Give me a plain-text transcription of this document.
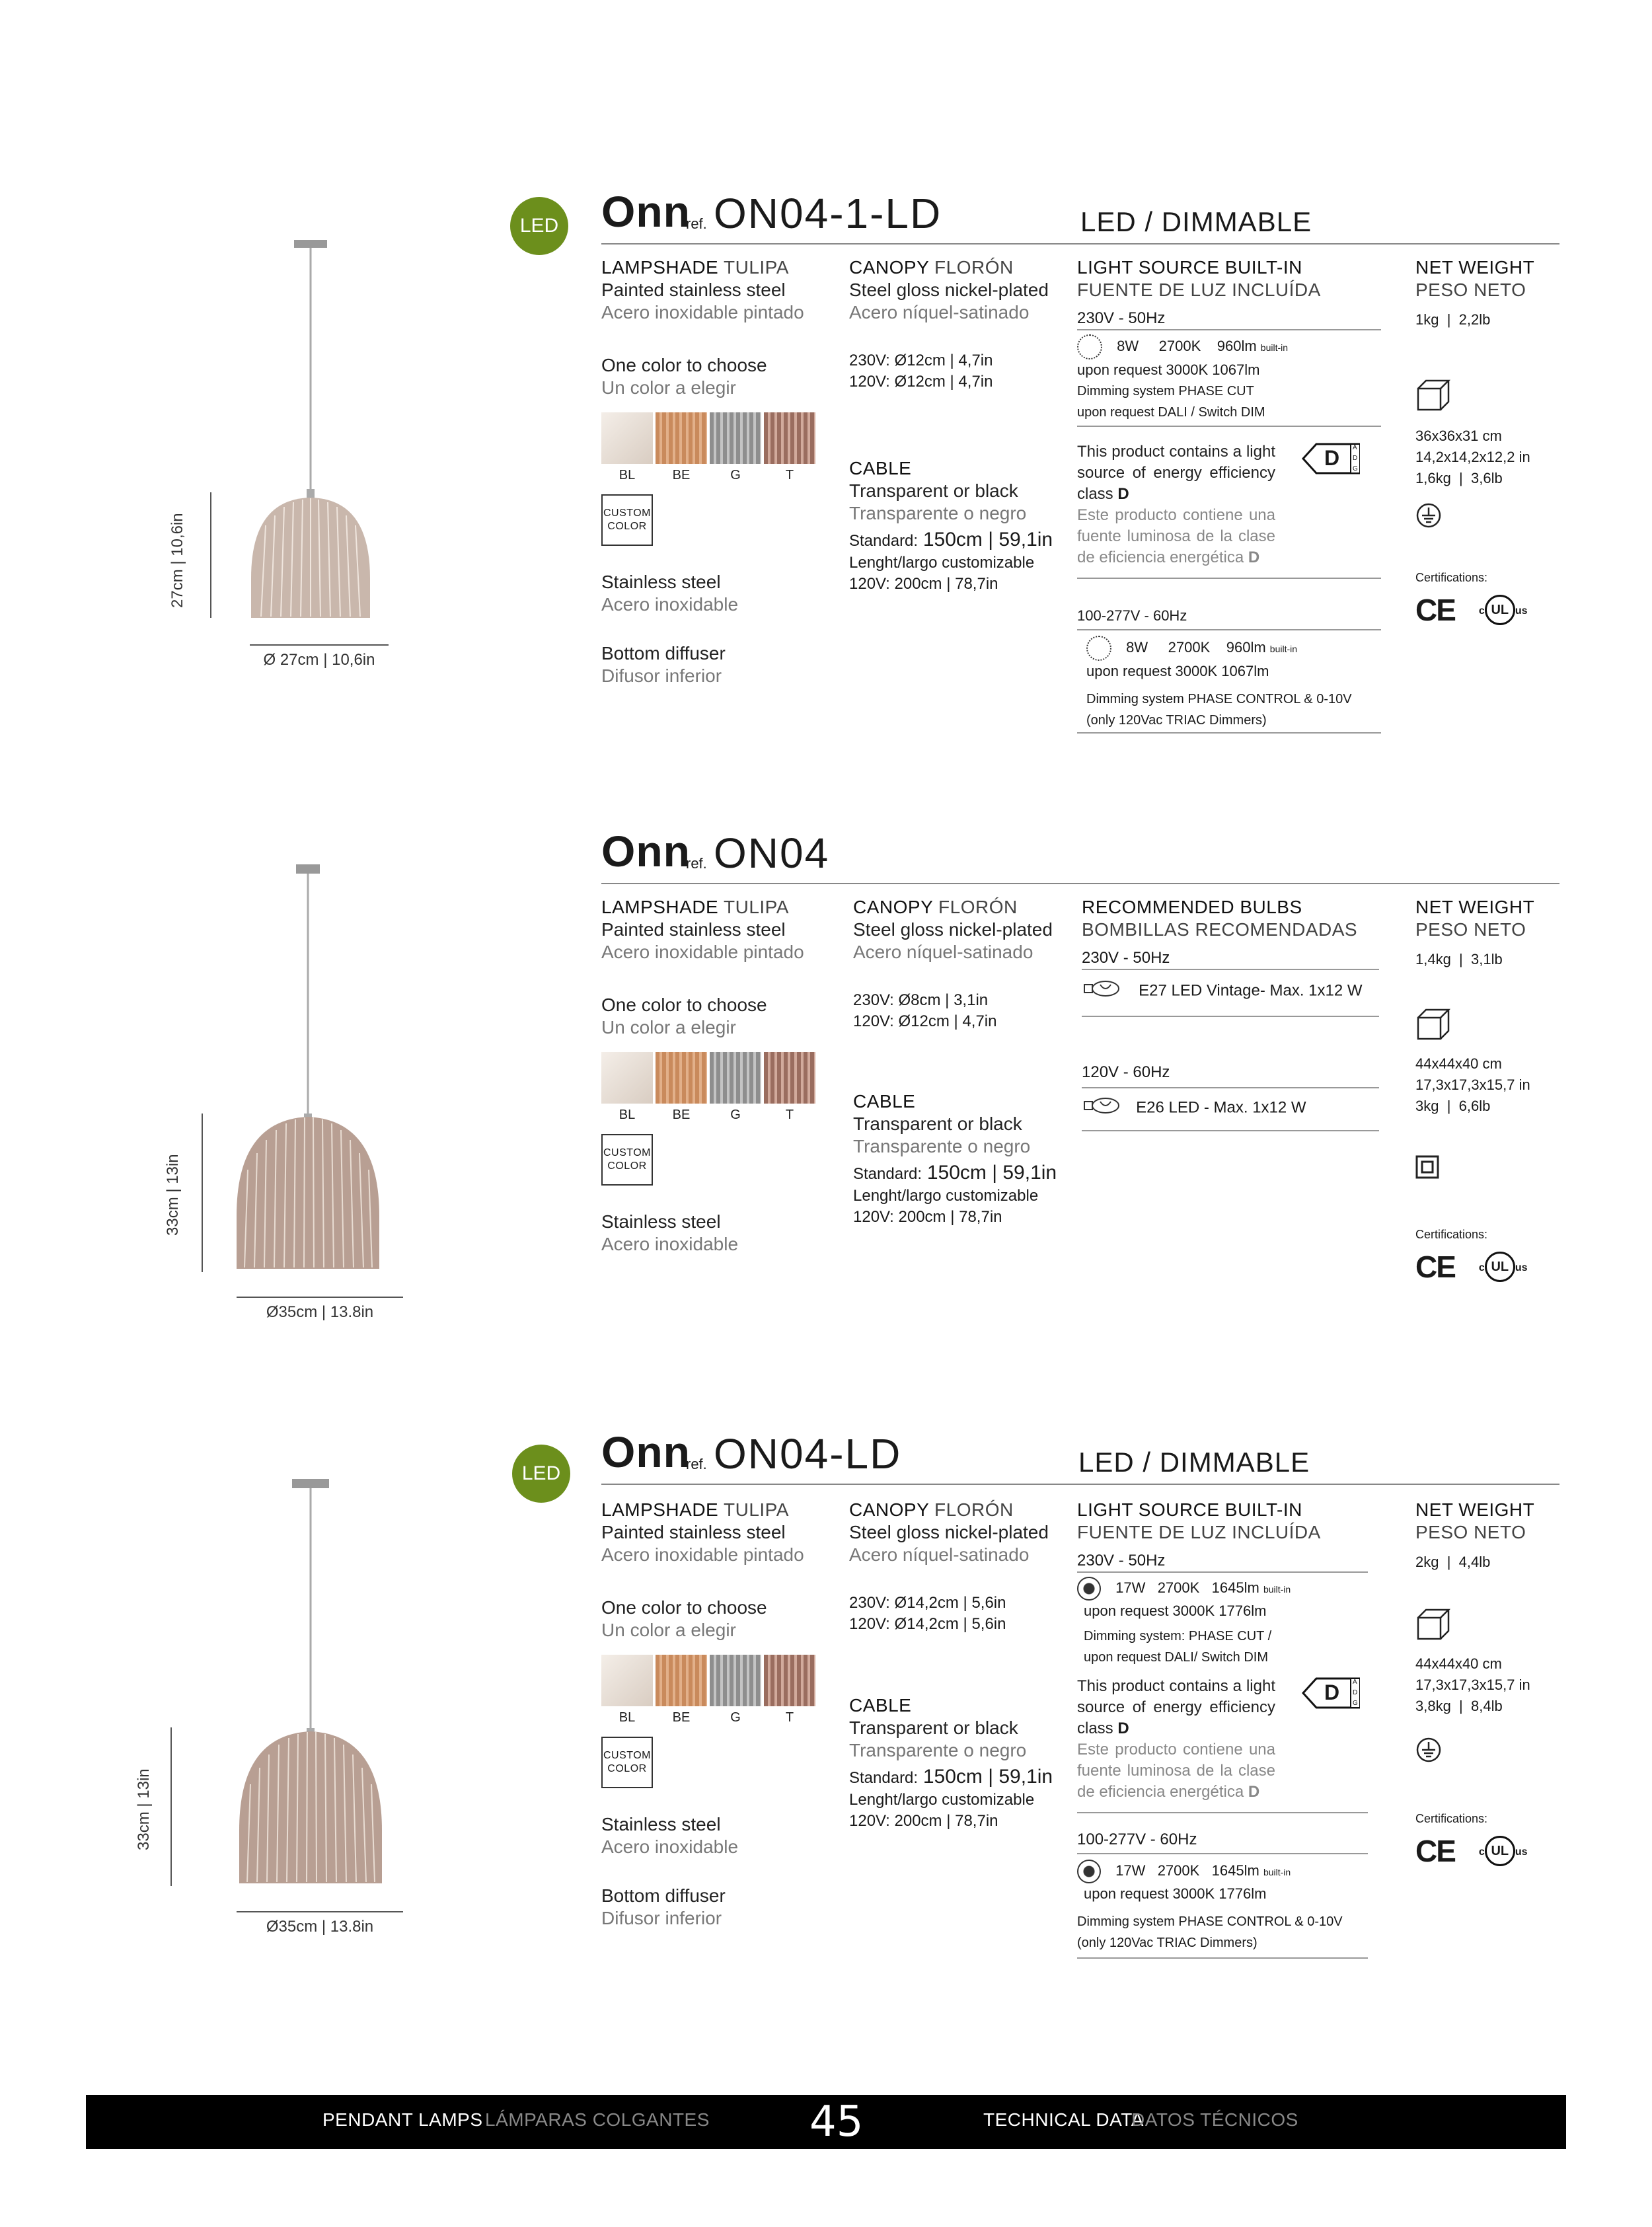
27cm | 10,6in
Ø 27cm | 10,6in
LED Onn
ref. ON04-1-LD	LED / DIMMABLE
LAMPSHADE TULIPA
Painted stainless steel
Acero inoxidable pintado
One color to choose
Un color a elegir
BL	BE	G	T
CUSTOM
COLOR
Stainless steel
Acero inoxidable
Bottom diffuser
Difusor inferior
CANOPY FLORÓN
Steel gloss nickel-plated
Acero níquel-satinado
230V: Ø12cm | 4,7in
120V: Ø12cm | 4,7in
CABLE
Transparent or black
Transparente o negro
Standard: 150cm | 59,1in
Lenght/largo customizable
120V: 200cm | 78,7in
LIGHT SOURCE BUILT-IN
FUENTE DE LUZ INCLUÍDA
230V - 50Hz
8W     2700K    960lm built-in
upon request 3000K 1067lm
Dimming system PHASE CUT
upon request DALI / Switch DIM
This product contains a light source of energy efficiency class D
Este producto contiene una fuente luminosa de la clase de eficiencia energética D
D A
D
G
100-277V - 60Hz
8W     2700K    960lm built-in
upon request 3000K 1067lm
Dimming system PHASE CONTROL & 0-10V
(only 120Vac TRIAC Dimmers)
NET WEIGHT
PESO NETO
1kg  |  2,2lb
36x36x31 cm
14,2x14,2x12,2 in
1,6kg  |  3,6lb
Certifications:
CE c UL us
33cm | 13in
Ø35cm | 13.8in
Onn
ref. ON04
LAMPSHADE TULIPA
Painted stainless steel
Acero inoxidable pintado
One color to choose
Un color a elegir
BL	BE	G	T
CUSTOM
COLOR
Stainless steel
Acero inoxidable
CANOPY FLORÓN
Steel gloss nickel-plated
Acero níquel-satinado
230V: Ø8cm | 3,1in
120V: Ø12cm | 4,7in
CABLE
Transparent or black
Transparente o negro
Standard: 150cm | 59,1in
Lenght/largo customizable
120V: 200cm | 78,7in
RECOMMENDED BULBS
BOMBILLAS RECOMENDADAS
230V - 50Hz
E27 LED Vintage- Max. 1x12 W
120V - 60Hz
E26 LED - Max. 1x12 W
NET WEIGHT
PESO NETO
1,4kg  |  3,1lb
44x44x40 cm
17,3x17,3x15,7 in
3kg  |  6,6lb
Certifications:
CE c UL us
33cm | 13in
Ø35cm | 13.8in
LED Onn
ref. ON04-LD	LED / DIMMABLE
LAMPSHADE TULIPA
Painted stainless steel
Acero inoxidable pintado
One color to choose
Un color a elegir
BL	BE	G	T
CUSTOM
COLOR
Stainless steel
Acero inoxidable
Bottom diffuser
Difusor inferior
CANOPY FLORÓN
Steel gloss nickel-plated
Acero níquel-satinado
230V: Ø14,2cm | 5,6in
120V: Ø14,2cm | 5,6in
CABLE
Transparent or black
Transparente o negro
Standard: 150cm | 59,1in
Lenght/largo customizable
120V: 200cm | 78,7in
LIGHT SOURCE BUILT-IN
FUENTE DE LUZ INCLUÍDA
230V - 50Hz
17W   2700K   1645lm built-in
upon request 3000K 1776lm
Dimming system: PHASE CUT /
upon request DALI/ Switch DIM
This product contains a light source of energy efficiency class D
Este producto contiene una fuente luminosa de la clase de eficiencia energética D
D A
D
G
100-277V - 60Hz
17W   2700K   1645lm built-in
upon request 3000K 1776lm
Dimming system PHASE CONTROL & 0-10V
(only 120Vac TRIAC Dimmers)
NET WEIGHT
PESO NETO
2kg  |  4,4lb
44x44x40 cm
17,3x17,3x15,7 in
3,8kg  |  8,4lb
Certifications:
CE c UL us
PENDANT LAMPS LÁMPARAS COLGANTES 45	TECHNICAL DATA
DATOS TÉCNICOS
